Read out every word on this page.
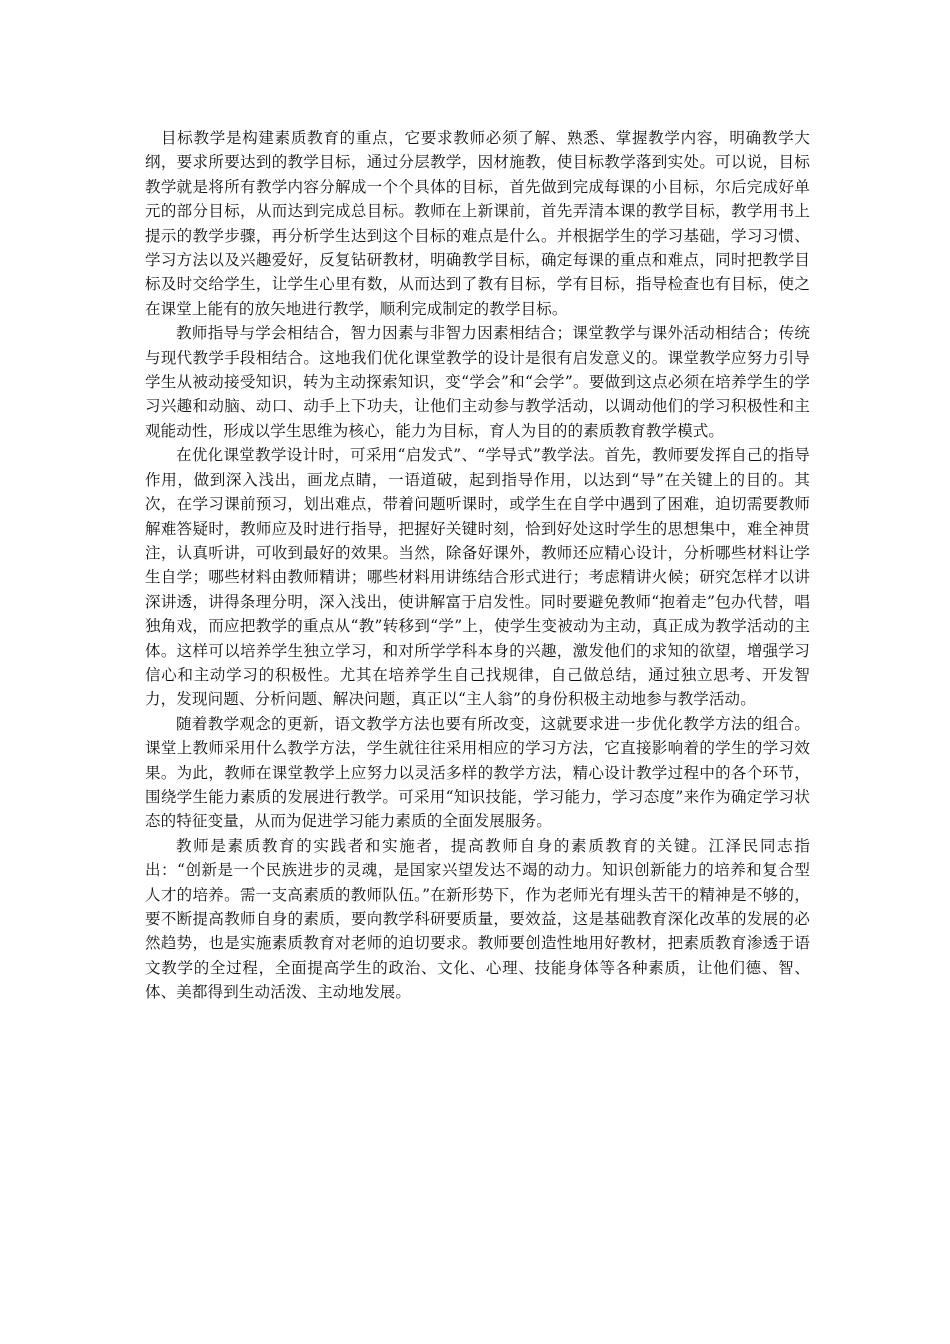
目标教学是构建素质教育的重点，它要求教师必须了解、熟悉、掌握教学内容，明确教学大纲，要求所要达到的教学目标，通过分层教学，因材施教，使目标教学落到实处。可以说，目标教学就是将所有教学内容分解成一个个具体的目标，首先做到完成每课的小目标，尔后完成好单元的部分目标，从而达到完成总目标。教师在上新课前，首先弄清本课的教学目标，教学用书上提示的教学步骤，再分析学生达到这个目标的难点是什么。并根据学生的学习基础，学习习惯、学习方法以及兴趣爱好，反复钻研教材，明确教学目标，确定每课的重点和难点，同时把教学目标及时交给学生，让学生心里有数，从而达到了教有目标，学有目标，指导检查也有目标，使之在课堂上能有的放矢地进行教学，顺利完成制定的教学目标。

教师指导与学会相结合，智力因素与非智力因素相结合；课堂教学与课外活动相结合；传统与现代教学手段相结合。这地我们优化课堂教学的设计是很有启发意义的。课堂教学应努力引导学生从被动接受知识，转为主动探索知识，变“学会”和“会学”。要做到这点必须在培养学生的学习兴趣和动脑、动口、动手上下功夫，让他们主动参与教学活动，以调动他们的学习积极性和主观能动性，形成以学生思维为核心，能力为目标，育人为目的的素质教育教学模式。

在优化课堂教学设计时，可采用“启发式”、“学导式”教学法。首先，教师要发挥自己的指导作用，做到深入浅出，画龙点睛，一语道破，起到指导作用，以达到“导”在关键上的目的。其次，在学习课前预习，划出难点，带着问题听课时，或学生在自学中遇到了困难，迫切需要教师解难答疑时，教师应及时进行指导，把握好关键时刻，恰到好处这时学生的思想集中，难全神贯注，认真听讲，可收到最好的效果。当然，除备好课外，教师还应精心设计，分析哪些材料让学生自学；哪些材料由教师精讲；哪些材料用讲练结合形式进行；考虑精讲火候；研究怎样才以讲深讲透，讲得条理分明，深入浅出，使讲解富于启发性。同时要避免教师“抱着走”包办代替，唱独角戏，而应把教学的重点从“教”转移到“学”上，使学生变被动为主动，真正成为教学活动的主体。这样可以培养学生独立学习，和对所学学科本身的兴趣，激发他们的求知的欲望，增强学习信心和主动学习的积极性。尤其在培养学生自己找规律，自己做总结，通过独立思考、开发智力，发现问题、分析问题、解决问题，真正以“主人翁”的身份积极主动地参与教学活动。

随着教学观念的更新，语文教学方法也要有所改变，这就要求进一步优化教学方法的组合。课堂上教师采用什么教学方法，学生就往往采用相应的学习方法，它直接影响着的学生的学习效果。为此，教师在课堂教学上应努力以灵活多样的教学方法，精心设计教学过程中的各个环节，围绕学生能力素质的发展进行教学。可采用“知识技能，学习能力，学习态度”来作为确定学习状态的特征变量，从而为促进学习能力素质的全面发展服务。

教师是素质教育的实践者和实施者，提高教师自身的素质教育的关键。江泽民同志指出：“创新是一个民族进步的灵魂，是国家兴望发达不竭的动力。知识创新能力的培养和复合型人才的培养。需一支高素质的教师队伍。”在新形势下，作为老师光有埋头苦干的精神是不够的，要不断提高教师自身的素质，要向教学科研要质量，要效益，这是基础教育深化改革的发展的必然趋势，也是实施素质教育对老师的迫切要求。教师要创造性地用好教材，把素质教育渗透于语文教学的全过程，全面提高学生的政治、文化、心理、技能身体等各种素质，让他们德、智、体、美都得到生动活泼、主动地发展。
